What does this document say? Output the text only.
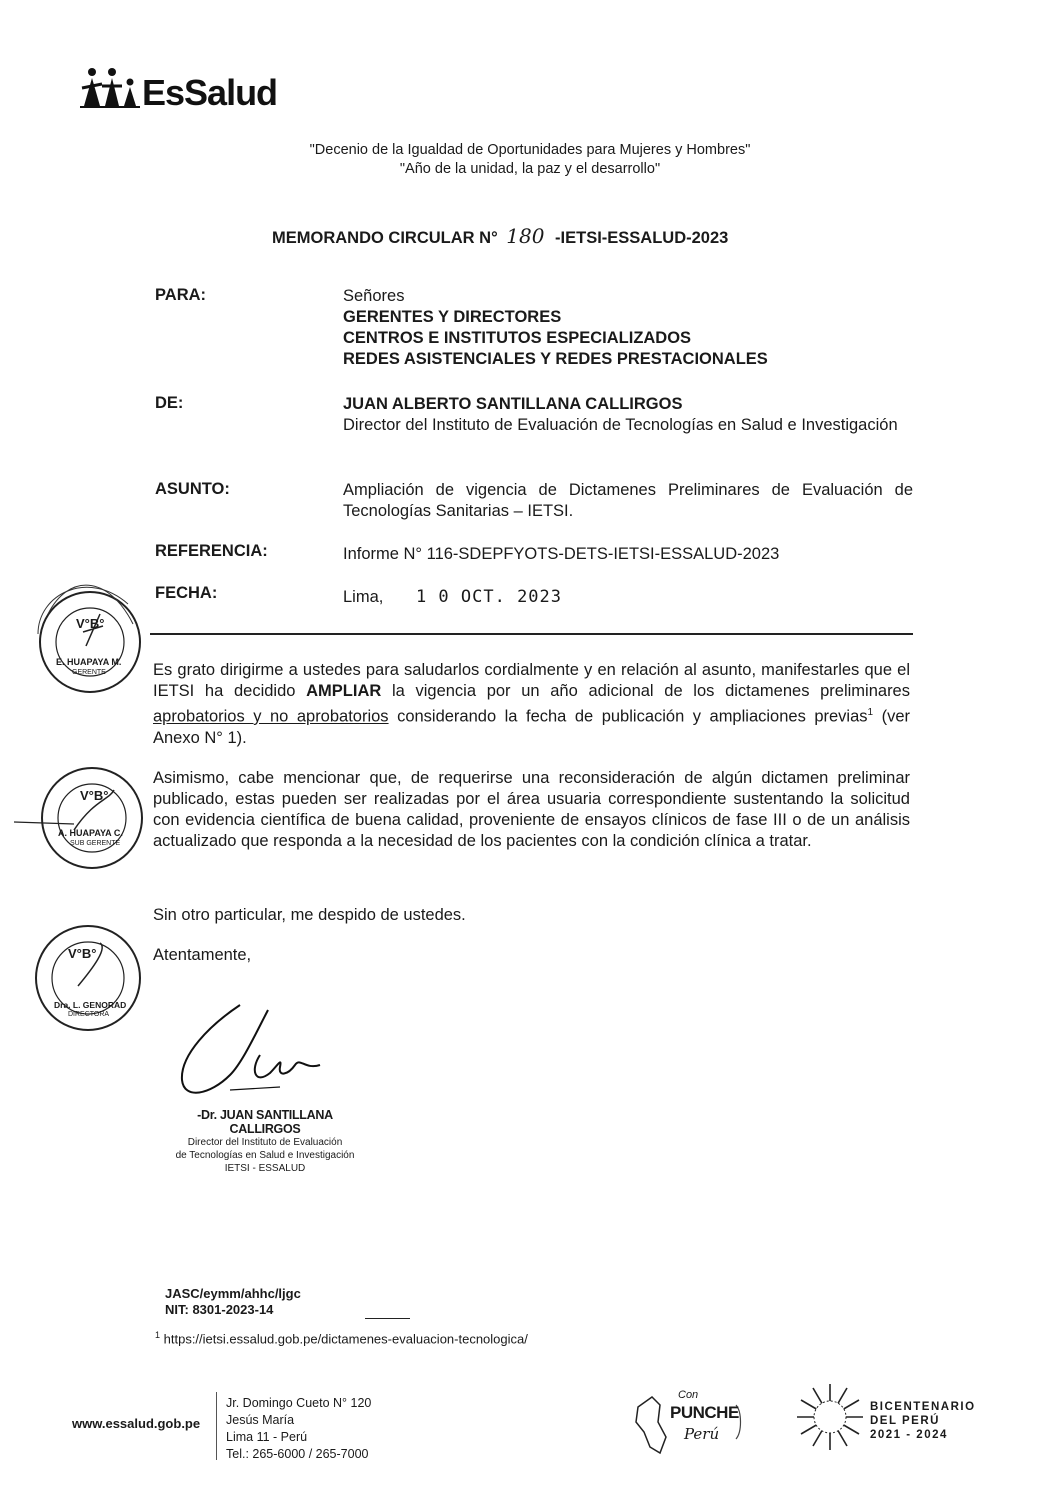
EsSalud
"Decenio de la Igualdad de Oportunidades para Mujeres y Hombres"
"Año de la unidad, la paz y el desarrollo"
MEMORANDO CIRCULAR N° 180 -IETSI-ESSALUD-2023
PARA:	Señores
GERENTES Y DIRECTORES
CENTROS E INSTITUTOS ESPECIALIZADOS
REDES ASISTENCIALES Y REDES PRESTACIONALES
DE:	JUAN ALBERTO SANTILLANA CALLIRGOS
Director del Instituto de Evaluación de Tecnologías en Salud e Investigación
ASUNTO:	Ampliación de vigencia de Dictamenes Preliminares de Evaluación de Tecnologías Sanitarias – IETSI.
REFERENCIA:	Informe N° 116-SDEPFYOTS-DETS-IETSI-ESSALUD-2023
FECHA:	Lima, 1 0 OCT. 2023
Es grato dirigirme a ustedes para saludarlos cordialmente y en relación al asunto, manifestarles que el IETSI ha decidido AMPLIAR la vigencia por un año adicional de los dictamenes preliminares aprobatorios y no aprobatorios considerando la fecha de publicación y ampliaciones previas$^1$ (ver Anexo N° 1).
Asimismo, cabe mencionar que, de requerirse una reconsideración de algún dictamen preliminar publicado, estas pueden ser realizadas por el área usuaria correspondiente sustentando la solicitud con evidencia científica de buena calidad, proveniente de ensayos clínicos de fase III o de un análisis actualizado que responda a la necesidad de los pacientes con la condición clínica a tratar.
Sin otro particular, me despido de ustedes.
Atentamente,
V°B°
E. HUAPAYA M.
GERENTE
V°B°
A. HUAPAYA C.
SUB GERENTE
V°B°
Dra. L. GENORAD
DIRECTORA
-Dr. JUAN SANTILLANA CALLIRGOS
Director del Instituto de Evaluación
de Tecnologías en Salud e Investigación
IETSI - ESSALUD
JASC/eymm/ahhc/ljgc
NIT: 8301-2023-14
$^1$ https://ietsi.essalud.gob.pe/dictamenes-evaluacion-tecnologica/
www.essalud.gob.pe
Jr. Domingo Cueto N° 120
Jesús María
Lima 11 - Perú
Tel.: 265-6000 / 265-7000
Con
PUNCHE
Perú
BICENTENARIO
DEL PERÚ
2021 - 2024
